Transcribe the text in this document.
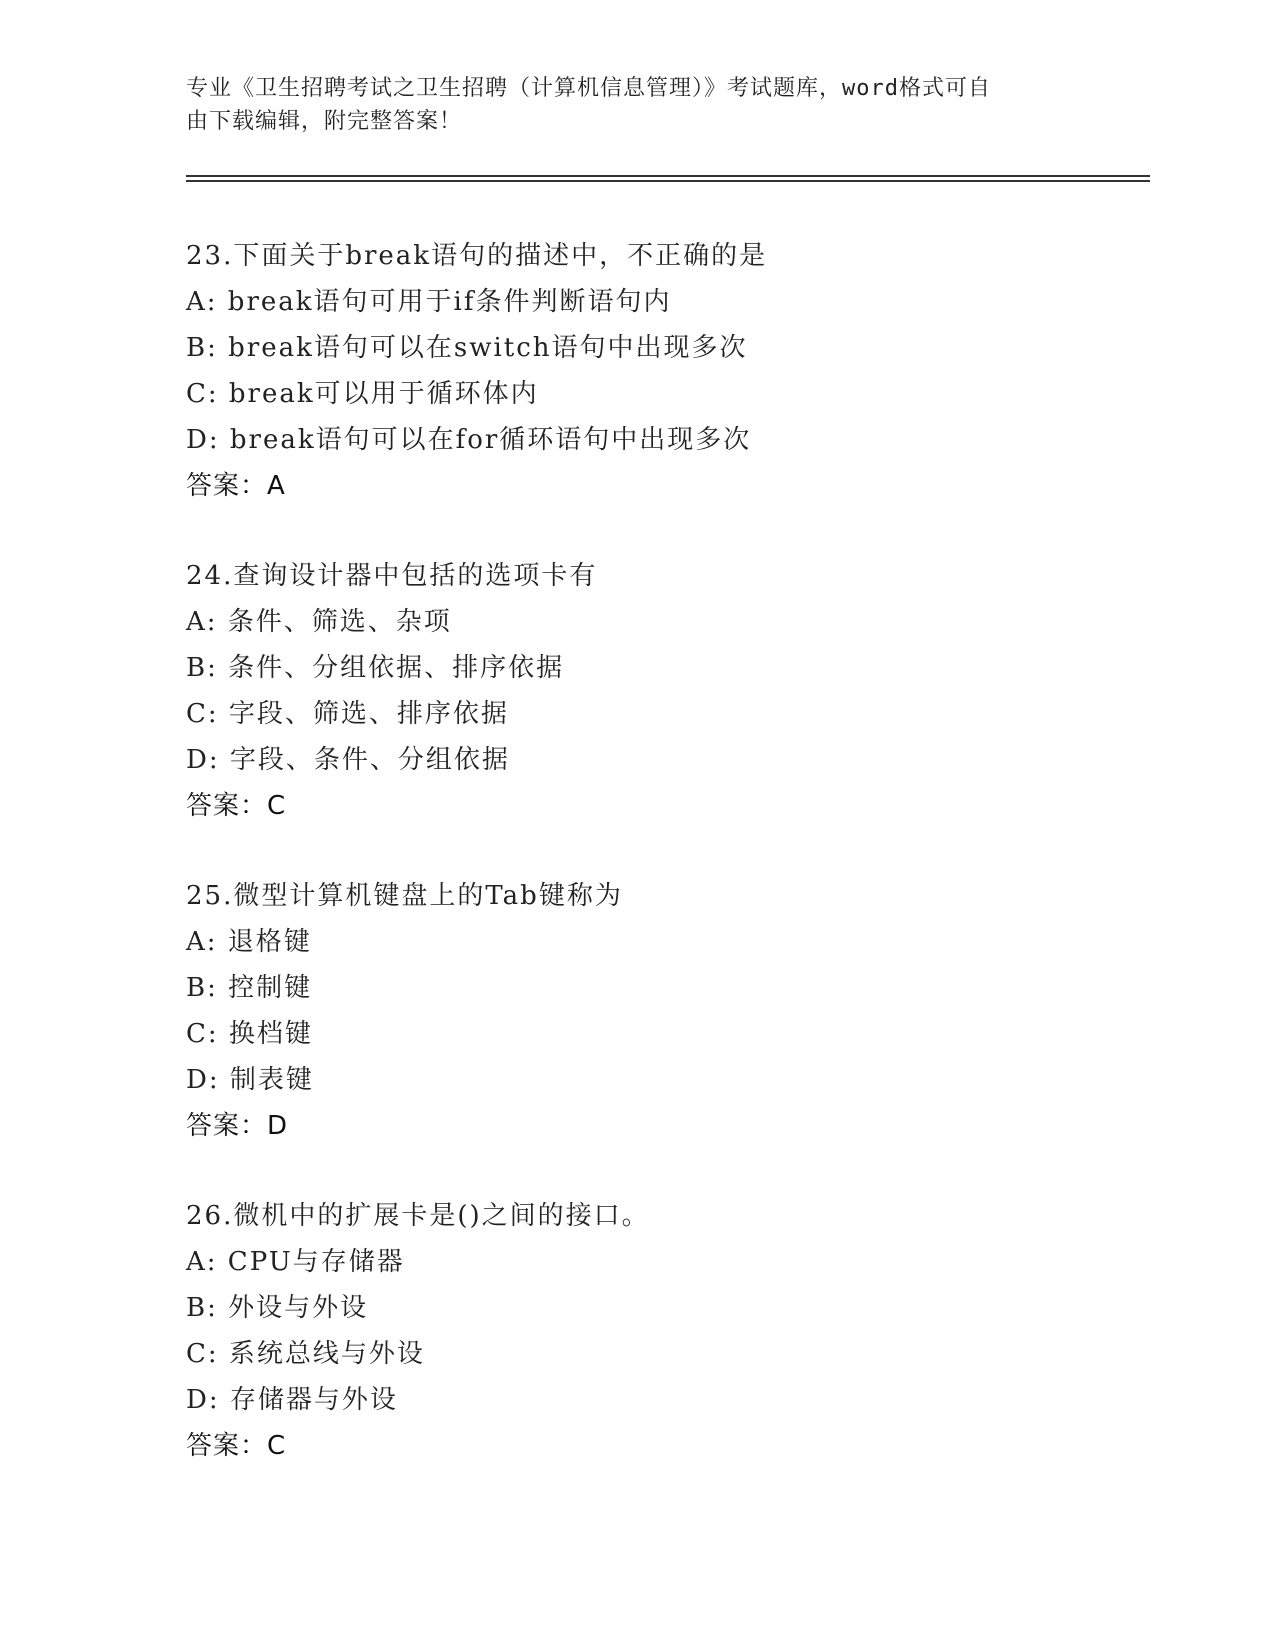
专业《卫生招聘考试之卫生招聘（计算机信息管理）》考试题库，word格式可自
由下载编辑，附完整答案！
23.下面关于break语句的描述中，不正确的是
A: break语句可用于if条件判断语句内
B: break语句可以在switch语句中出现多次
C: break可以用于循环体内
D: break语句可以在for循环语句中出现多次
答案：A
24.查询设计器中包括的选项卡有
A: 条件、筛选、杂项
B: 条件、分组依据、排序依据
C: 字段、筛选、排序依据
D: 字段、条件、分组依据
答案：C
25.微型计算机键盘上的Tab键称为
A: 退格键
B: 控制键
C: 换档键
D: 制表键
答案：D
26.微机中的扩展卡是()之间的接口。
A: CPU与存储器
B: 外设与外设
C: 系统总线与外设
D: 存储器与外设
答案：C
